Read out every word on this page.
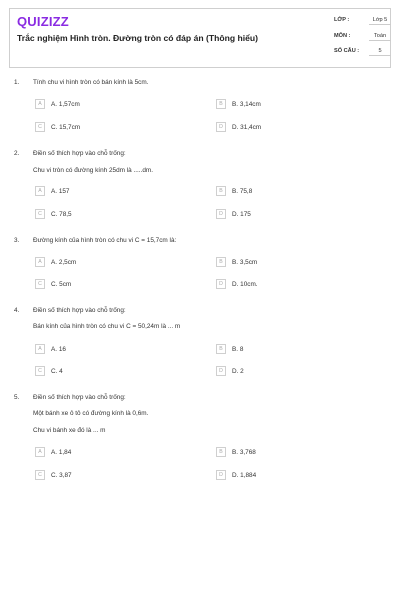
QUIZIZZ
Trắc nghiệm Hình tròn. Đường tròn có đáp án (Thông hiểu)
LỚP :	Lớp 5
MÔN :	Toán
SỐ CÂU :	5
1. Tính chu vi hình tròn có bán kính là 5cm.
A	A. 1,57cm	B	B. 3,14cm
C	C. 15,7cm	D	D. 31,4cm
2. Điền số thích hợp vào chỗ trống:
Chu vi tròn có đường kính 25dm là .....dm.
A	A. 157	B	B. 75,8
C	C. 78,5	D	D. 175
3. Đường kính của hình tròn có chu vi C = 15,7cm là:
A	A. 2,5cm	B	B. 3,5cm
C	C. 5cm	D	D. 10cm.
4. Điền số thích hợp vào chỗ trống:
Bán kính của hình tròn có chu vi C = 50,24m là ... m
A	A. 16	B	B. 8
C	C. 4	D	D. 2
5. Điền số thích hợp vào chỗ trống:
Một bánh xe ô tô có đường kính là 0,6m.
Chu vi bánh xe đó là ... m
A	A. 1,84	B	B. 3,768
C	C. 3,87	D	D. 1,884
